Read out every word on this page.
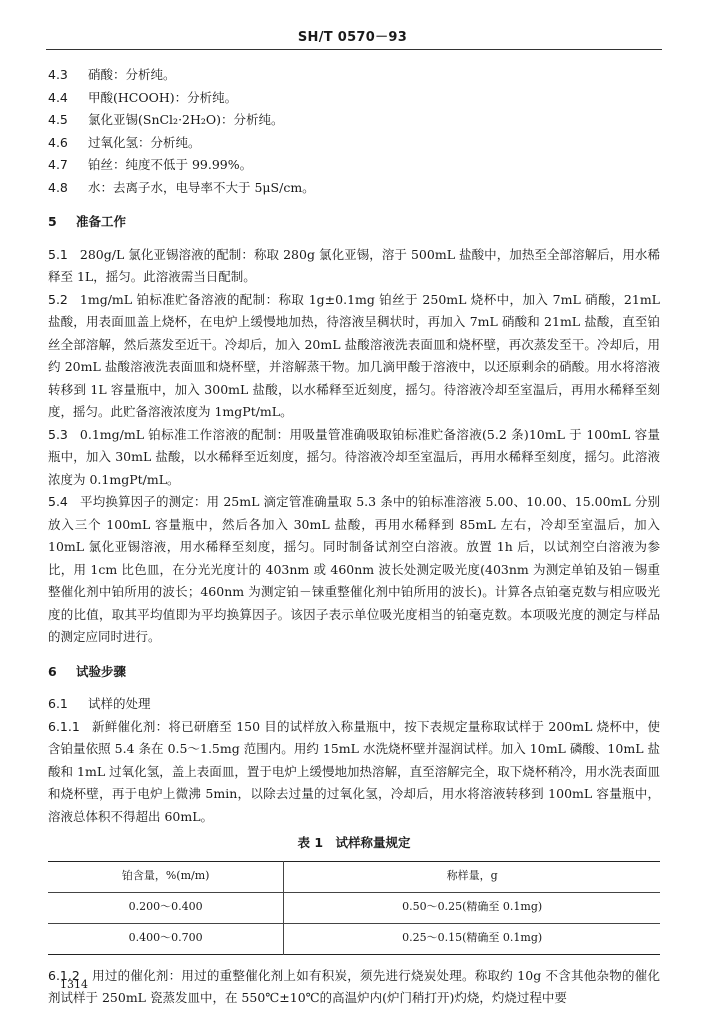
SH/T 0570－93
4.3	硝酸：分析纯。
4.4	甲酸(HCOOH)：分析纯。
4.5	氯化亚锡(SnCl₂·2H₂O)：分析纯。
4.6	过氧化氢：分析纯。
4.7	铂丝：纯度不低于 99.99%。
4.8	水：去离子水，电导率不大于 5μS/cm。
5 准备工作
5.1 280g/L 氯化亚锡溶液的配制：称取 280g 氯化亚锡，溶于 500mL 盐酸中，加热至全部溶解后，用水稀释至 1L，摇匀。此溶液需当日配制。
5.2 1mg/mL 铂标准贮备溶液的配制：称取 1g±0.1mg 铂丝于 250mL 烧杯中，加入 7mL 硝酸，21mL 盐酸，用表面皿盖上烧杯，在电炉上缓慢地加热，待溶液呈稠状时，再加入 7mL 硝酸和 21mL 盐酸，直至铂丝全部溶解，然后蒸发至近干。冷却后，加入 20mL 盐酸溶液洗表面皿和烧杯壁，再次蒸发至干。冷却后，用约 20mL 盐酸溶液洗表面皿和烧杯壁，并溶解蒸干物。加几滴甲酸于溶液中，以还原剩余的硝酸。用水将溶液转移到 1L 容量瓶中，加入 300mL 盐酸，以水稀释至近刻度，摇匀。待溶液冷却至室温后，再用水稀释至刻度，摇匀。此贮备溶液浓度为 1mgPt/mL。
5.3 0.1mg/mL 铂标准工作溶液的配制：用吸量管准确吸取铂标准贮备溶液(5.2 条)10mL 于 100mL 容量瓶中，加入 30mL 盐酸，以水稀释至近刻度，摇匀。待溶液冷却至室温后，再用水稀释至刻度，摇匀。此溶液浓度为 0.1mgPt/mL。
5.4 平均换算因子的测定：用 25mL 滴定管准确量取 5.3 条中的铂标准溶液 5.00、10.00、15.00mL 分别放入三个 100mL 容量瓶中，然后各加入 30mL 盐酸，再用水稀释到 85mL 左右，冷却至室温后，加入 10mL 氯化亚锡溶液，用水稀释至刻度，摇匀。同时制备试剂空白溶液。放置 1h 后，以试剂空白溶液为参比，用 1cm 比色皿，在分光光度计的 403nm 或 460nm 波长处测定吸光度(403nm 为测定单铂及铂－锡重整催化剂中铂所用的波长；460nm 为测定铂－铼重整催化剂中铂所用的波长)。计算各点铂毫克数与相应吸光度的比值，取其平均值即为平均换算因子。该因子表示单位吸光度相当的铂毫克数。本项吸光度的测定与样品的测定应同时进行。
6 试验步骤
6.1 试样的处理
6.1.1 新鲜催化剂：将已研磨至 150 目的试样放入称量瓶中，按下表规定量称取试样于 200mL 烧杯中，使含铂量依照 5.4 条在 0.5～1.5mg 范围内。用约 15mL 水洗烧杯壁并湿润试样。加入 10mL 磷酸、10mL 盐酸和 1mL 过氧化氢，盖上表面皿，置于电炉上缓慢地加热溶解，直至溶解完全，取下烧杯稍冷，用水洗表面皿和烧杯壁，再于电炉上微沸 5min，以除去过量的过氧化氢，冷却后，用水将溶液转移到 100mL 容量瓶中，溶液总体积不得超出 60mL。
表 1　试样称量规定
铂含量，%(m/m)	称样量，g
0.200～0.400	0.50～0.25(精确至 0.1mg)
0.400～0.700	0.25～0.15(精确至 0.1mg)
6.1.2 用过的催化剂：用过的重整催化剂上如有积炭，须先进行烧炭处理。称取约 10g 不含其他杂物的催化剂试样于 250mL 瓷蒸发皿中，在 550℃±10℃的高温炉内(炉门稍打开)灼烧，灼烧过程中要
1314
